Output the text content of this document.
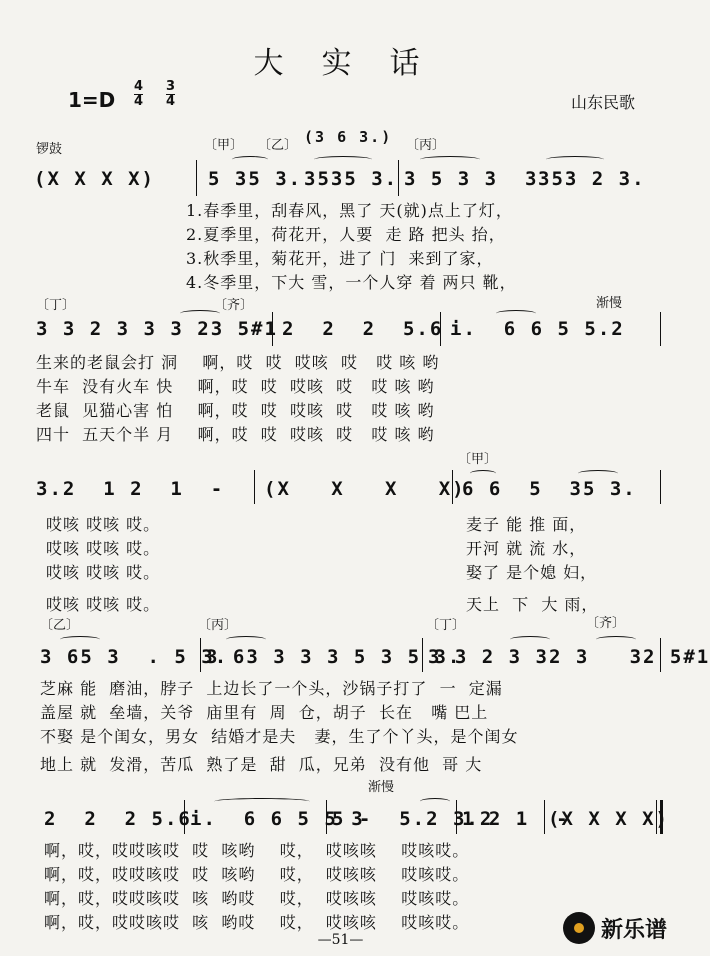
大实话
$1=D \frac{4}{4} \frac{3}{4}$	山东民歌
锣鼓	〔甲〕 〔乙〕 (3 6 3.) 〔丙〕
(X X X X)	5 35 3. 3535 3. 3 5 3 3  3 353 2 3.
1.春季里，刮春风，黑了 天(就)点上了灯，
2.夏季里，荷花开，人要  走 路 把头 抬，
3.秋季里，菊花开，进了 门  来到了家，
4.冬季里，下大 雪，一个人穿 着 两只 靴，
〔丁〕	〔齐〕	渐慢
3 3 2 3 3 3 23 5#1 2  2  2  5.6 i.  6 6 5 5.2
生来的老鼠会打 洞    啊，哎  哎  哎咳  哎   哎 咳 哟
牛车  没有火车 快    啊，哎  哎  哎咳  哎   哎 咳 哟
老鼠  见猫心害 怕    啊，哎  哎  哎咳  哎   哎 咳 哟
四十  五天个半 月    啊，哎  哎  哎咳  哎   哎 咳 哟
〔甲〕
3.2  1 2  1  - (X   X   X   X)
6 6  5  35 3.
哎咳 哎咳 哎。
哎咳 哎咳 哎。
哎咳 哎咳 哎。
哎咳 哎咳 哎。
麦子 能 推 面，
开河 就 流 水，
娶了 是个媳 妇，
天上  下  大 雨，
〔乙〕	〔丙〕	〔丁〕	〔齐〕
3 65 3  . 5 3.
3 63 3 3 3 5 3 5 3.
3 3 2 3 32 3   32 5#1
芝麻 能  磨油，脖子  上边长了一个头，沙锅子打了  一  定漏
盖屋 就  垒墙，关爷  庙里有  周  仓，胡子  长在   嘴 巴上
不娶 是个闺女，男女  结婚才是夫   妻，生了个丫头，是个闺女
地上 就  发滑，苦瓜  熟了是  甜  瓜，兄弟  没有他  哥 大
渐慢
2  2  2 5.6
i.  6 6 5 5 3
5 -  5.2 3.2
1 2 1  -
(X X X X)
啊，哎，哎哎咳哎  哎  咳哟    哎，  哎咳咳    哎咳哎。
啊，哎，哎哎咳哎  哎  咳哟    哎，  哎咳咳    哎咳哎。
啊，哎，哎哎咳哎  咳  哟哎    哎，  哎咳咳    哎咳哎。
啊，哎，哎哎咳哎  咳  哟哎    哎，  哎咳咳    哎咳哎。
—51—	新乐谱
